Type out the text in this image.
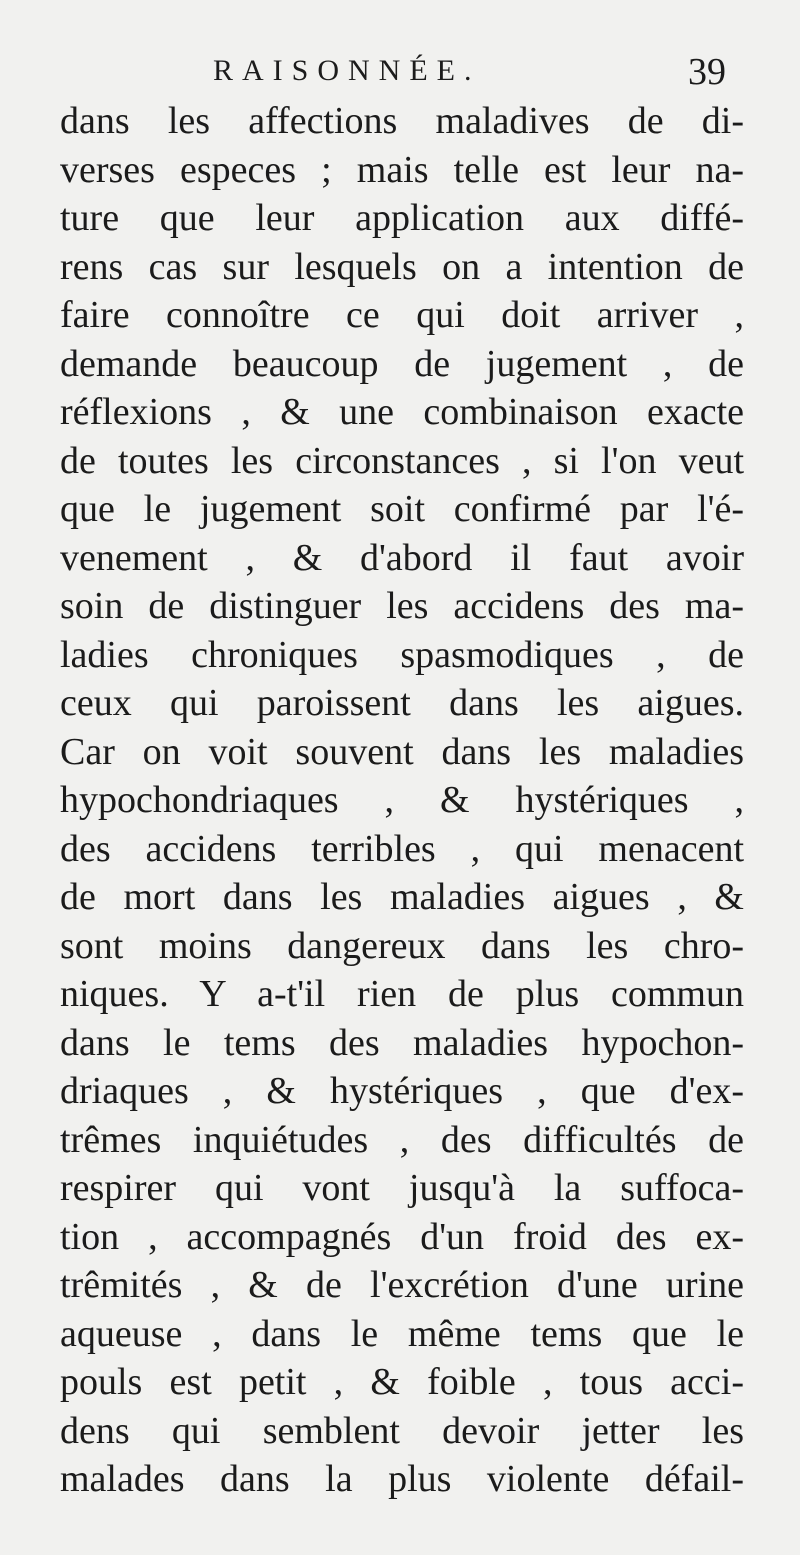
RAISONNÉE.	39
dans les affections maladives de di-
verses especes ; mais telle est leur na-
ture que leur application aux diffé-
rens cas sur lesquels on a intention de
faire connoître ce qui doit arriver ,
demande beaucoup de jugement , de
réflexions , & une combinaison exacte
de toutes les circonstances , si l'on veut
que le jugement soit confirmé par l'é-
venement , & d'abord il faut avoir
soin de distinguer les accidens des ma-
ladies chroniques spasmodiques , de
ceux qui paroissent dans les aigues.
Car on voit souvent dans les maladies
hypochondriaques , & hystériques ,
des accidens terribles , qui menacent
de mort dans les maladies aigues , &
sont moins dangereux dans les chro-
niques. Y a-t'il rien de plus commun
dans le tems des maladies hypochon-
driaques , & hystériques , que d'ex-
trêmes inquiétudes , des difficultés de
respirer qui vont jusqu'à la suffoca-
tion , accompagnés d'un froid des ex-
trêmités , & de l'excrétion d'une urine
aqueuse , dans le même tems que le
pouls est petit , & foible , tous acci-
dens qui semblent devoir jetter les
malades dans la plus violente défail-
